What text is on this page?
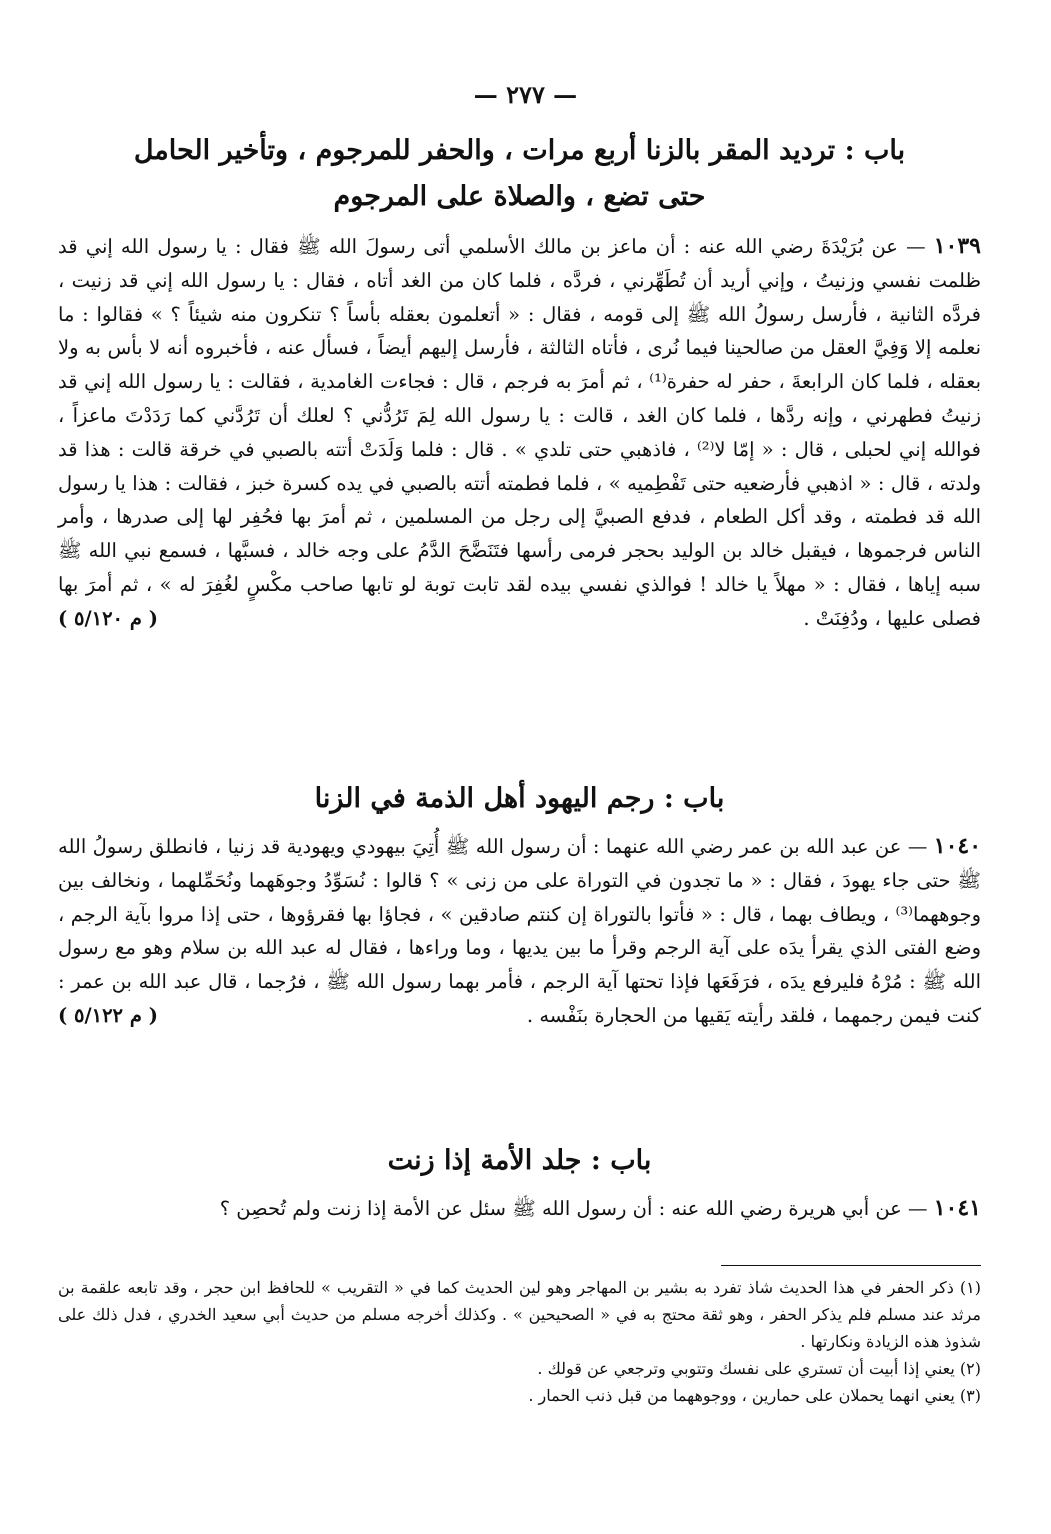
— ٢٧٧ —
باب : ترديد المقر بالزنا أربع مرات ، والحفر للمرجوم ، وتأخير الحامل
حتى تضع ، والصلاة على المرجوم

١٠٣٩ — عن بُرَيْدَةَ رضي الله عنه : أن ماعز بن مالك الأسلمي أتى رسولَ الله ﷺ فقال : يا رسول الله إني قد ظلمت نفسي وزنيتُ ، وإني أريد أن تُطَهِّرني ، فردَّه ، فلما كان من الغد أتاه ، فقال : يا رسول الله إني قد زنيت ، فردَّه الثانية ، فأرسل رسولُ الله ﷺ إلى قومه ، فقال : « أتعلمون بعقله بأساً ؟ تنكرون منه شيئاً ؟ » فقالوا : ما نعلمه إلا وَفِيَّ العقل من صالحينا فيما نُرى ، فأتاه الثالثة ، فأرسل إليهم أيضاً ، فسأل عنه ، فأخبروه أنه لا بأس به ولا بعقله ، فلما كان الرابعةَ ، حفر له حفرة⁽¹⁾ ، ثم أمرَ به فرجم ، قال : فجاءت الغامدية ، فقالت : يا رسول الله إني قد زنيتُ فطهرني ، وإنه ردَّها ، فلما كان الغد ، قالت : يا رسول الله لِمَ تَرُدُّني ؟ لعلك أن تَرُدَّني كما رَدَدْتَ ماعزاً ، فوالله إني لحبلى ، قال : « إمّا لا⁽²⁾ ، فاذهبي حتى تلدي » . قال : فلما وَلَدَتْ أتته بالصبي في خرقة قالت : هذا قد ولدته ، قال : « اذهبي فأرضعيه حتى تَفْطِميه » ، فلما فطمته أتته بالصبي في يده كسرة خبز ، فقالت : هذا يا رسول الله قد فطمته ، وقد أكل الطعام ، فدفع الصبيَّ إلى رجل من المسلمين ، ثم أمرَ بها فحُفِر لها إلى صدرها ، وأمر الناس فرجموها ، فيقبل خالد بن الوليد بحجر فرمى رأسها فتَنَضَّحَ الدَّمُ على وجه خالد ، فسبَّها ، فسمع نبي الله ﷺ سبه إياها ، فقال : « مهلاً يا خالد ! فوالذي نفسي بيده لقد تابت توبة لو تابها صاحب مكْسٍ لغُفِرَ له » ، ثم أمرَ بها فصلى عليها ، ودُفِنَتْ .
( م ٥/١٢٠ )

باب : رجم اليهود أهل الذمة في الزنا

١٠٤٠ — عن عبد الله بن عمر رضي الله عنهما : أن رسول الله ﷺ أُتِيَ بيهودي ويهودية قد زنيا ، فانطلق رسولُ الله ﷺ حتى جاء يهودَ ، فقال : « ما تجدون في التوراة على من زنى » ؟ قالوا : نُسَوِّدُ وجوهَهما ونُحَمِّلهما ، ونخالف بين وجوههما⁽³⁾ ، ويطاف بهما ، قال : « فأتوا بالتوراة إن كنتم صادقين » ، فجاؤا بها فقرؤوها ، حتى إذا مروا بآية الرجم ، وضع الفتى الذي يقرأ يدَه على آية الرجم وقرأ ما بين يديها ، وما وراءها ، فقال له عبد الله بن سلام وهو مع رسول الله ﷺ : مُرْهُ فليرفع يدَه ، فرَفَعَها فإذا تحتها آية الرجم ، فأمر بهما رسول الله ﷺ ، فرُجما ، قال عبد الله بن عمر : كنت فيمن رجمهما ، فلقد رأيته يَقيها من الحجارة بنَفْسه .
( م ٥/١٢٢ )

باب : جلد الأمة إذا زنت

١٠٤١ — عن أبي هريرة رضي الله عنه : أن رسول الله ﷺ سئل عن الأمة إذا زنت ولم تُحصِن ؟

(١) ذكر الحفر في هذا الحديث شاذ تفرد به بشير بن المهاجر وهو لين الحديث كما في « التقريب » للحافظ ابن حجر ، وقد تابعه علقمة بن مرثد عند مسلم فلم يذكر الحفر ، وهو ثقة محتج به في « الصحيحين » . وكذلك أخرجه مسلم من حديث أبي سعيد الخدري ، فدل ذلك على شذوذ هذه الزيادة ونكارتها .

(٢) يعني إذا أبيت أن تستري على نفسك وتتوبي وترجعي عن قولك .

(٣) يعني انهما يحملان على حمارين ، ووجوههما من قبل ذنب الحمار .
